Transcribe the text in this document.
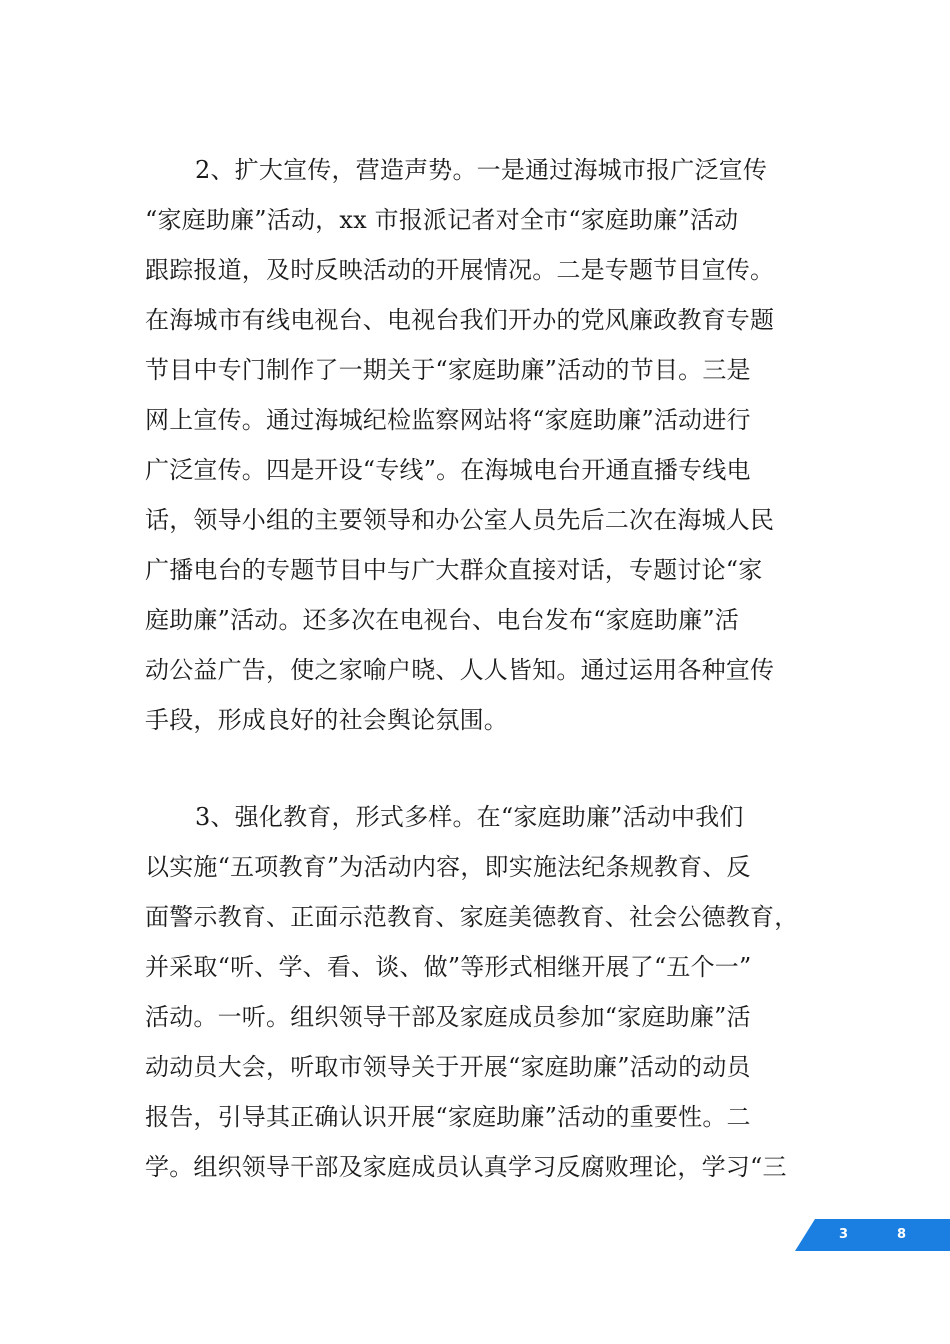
2、扩大宣传，营造声势。一是通过海城市报广泛宣传
“家庭助廉”活动，xx 市报派记者对全市“家庭助廉”活动
跟踪报道，及时反映活动的开展情况。二是专题节目宣传。
在海城市有线电视台、电视台我们开办的党风廉政教育专题
节目中专门制作了一期关于“家庭助廉”活动的节目。三是
网上宣传。通过海城纪检监察网站将“家庭助廉”活动进行
广泛宣传。四是开设“专线”。在海城电台开通直播专线电
话，领导小组的主要领导和办公室人员先后二次在海城人民
广播电台的专题节目中与广大群众直接对话，专题讨论“家
庭助廉”活动。还多次在电视台、电台发布“家庭助廉”活
动公益广告，使之家喻户晓、人人皆知。通过运用各种宣传
手段，形成良好的社会舆论氛围。
3、强化教育，形式多样。在“家庭助廉”活动中我们
以实施“五项教育”为活动内容，即实施法纪条规教育、反
面警示教育、正面示范教育、家庭美德教育、社会公德教育，
并采取“听、学、看、谈、做”等形式相继开展了“五个一”
活动。一听。组织领导干部及家庭成员参加“家庭助廉”活
动动员大会，听取市领导关于开展“家庭助廉”活动的动员
报告，引导其正确认识开展“家庭助廉”活动的重要性。二
学。组织领导干部及家庭成员认真学习反腐败理论，学习“三
3	8
